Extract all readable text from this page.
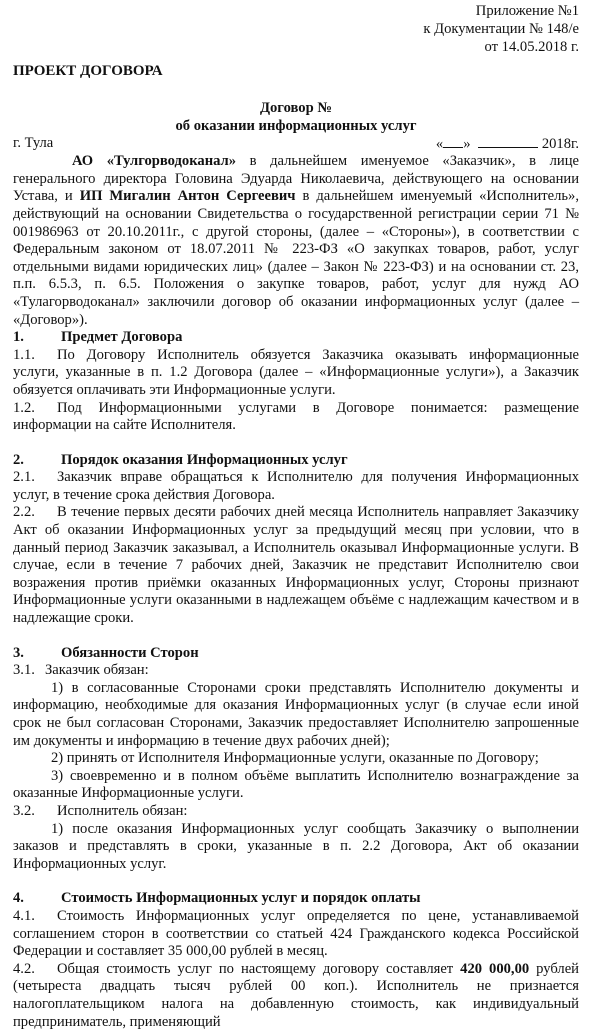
Приложение №1
к Документации № 148/е
от 14.05.2018 г.
ПРОЕКТ ДОГОВОРА
Договор №
об оказании информационных услуг
г. Тула	« »	2018г.
АО «Тулгорводоканал» в дальнейшем именуемое «Заказчик», в лице генерального директора Головина Эдуарда Николаевича, действующего на основании Устава, и ИП Мигалин Антон Сергеевич в дальнейшем именуемый «Исполнитель», действующий на основании Свидетельства о государственной регистрации серии 71 № 001986963 от 20.10.2011г., с другой стороны, (далее – «Стороны»), в соответствии с Федеральным законом от 18.07.2011 № 223-ФЗ «О закупках товаров, работ, услуг отдельными видами юридических лиц» (далее – Закон № 223-ФЗ) и на основании ст. 23, п.п. 6.5.3, п. 6.5. Положения о закупке товаров, работ, услуг для нужд АО «Тулагорводоканал» заключили договор об оказании информационных услуг (далее – «Договор»).
1.	Предмет Договора
1.1. По Договору Исполнитель обязуется Заказчика оказывать информационные услуги, указанные в п. 1.2 Договора (далее – «Информационные услуги»), а Заказчик обязуется оплачивать эти Информационные услуги.
1.2. Под Информационными услугами в Договоре понимается: размещение информации на сайте Исполнителя.
2.	Порядок оказания Информационных услуг
2.1. Заказчик вправе обращаться к Исполнителю для получения Информационных услуг, в течение срока действия Договора.
2.2. В течение первых десяти рабочих дней месяца Исполнитель направляет Заказчику Акт об оказании Информационных услуг за предыдущий месяц при условии, что в данный период Заказчик заказывал, а Исполнитель оказывал Информационные услуги. В случае, если в течение 7 рабочих дней, Заказчик не представит Исполнителю свои возражения против приёмки оказанных Информационных услуг, Стороны признают Информационные услуги оказанными в надлежащем объёме с надлежащим качеством и в надлежащие сроки.
3.	Обязанности Сторон
3.1. Заказчик обязан:
1) в согласованные Сторонами сроки представлять Исполнителю документы и информацию, необходимые для оказания Информационных услуг (в случае если иной срок не был согласован Сторонами, Заказчик предоставляет Исполнителю запрошенные им документы и информацию в течение двух рабочих дней);
2) принять от Исполнителя Информационные услуги, оказанные по Договору;
3) своевременно и в полном объёме выплатить Исполнителю вознаграждение за оказанные Информационные услуги.
3.2. Исполнитель обязан:
1) после оказания Информационных услуг сообщать Заказчику о выполнении заказов и представлять в сроки, указанные в п. 2.2 Договора, Акт об оказании Информационных услуг.
4.	Стоимость Информационных услуг и порядок оплаты
4.1. Стоимость Информационных услуг определяется по цене, устанавливаемой соглашением сторон в соответствии со статьей 424 Гражданского кодекса Российской Федерации и составляет 35 000,00 рублей в месяц.
4.2. Общая стоимость услуг по настоящему договору составляет 420 000,00 рублей (четыреста двадцать тысяч рублей 00 коп.). Исполнитель не признается налогоплательщиком налога на добавленную стоимость, как индивидуальный предприниматель, применяющий
